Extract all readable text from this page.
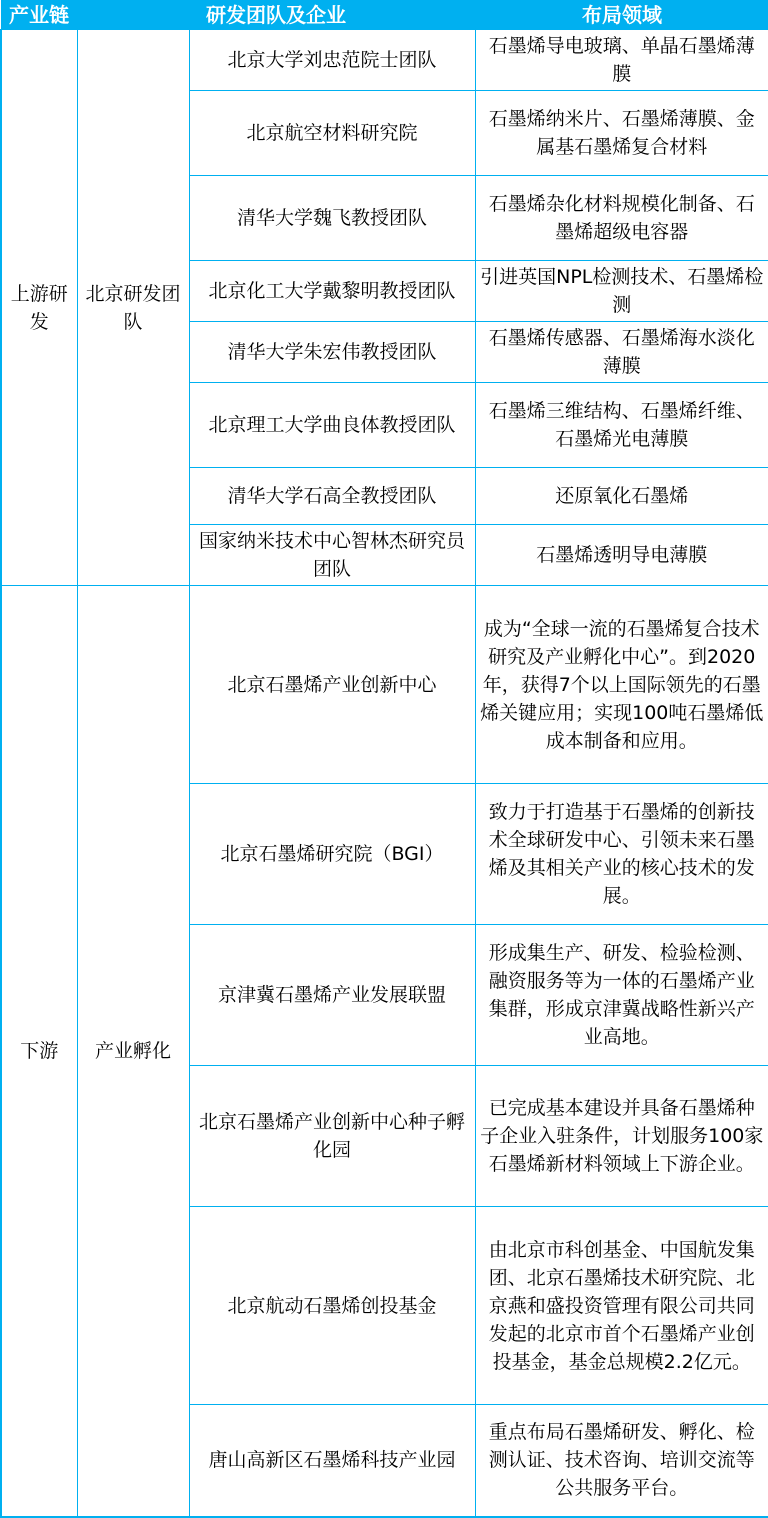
产业链	研发团队及企业		布局领域
上游研发	北京研发团队	北京大学刘忠范院士团队	石墨烯导电玻璃、单晶石墨烯薄膜
		北京航空材料研究院	石墨烯纳米片、石墨烯薄膜、金属基石墨烯复合材料
		清华大学魏飞教授团队	石墨烯杂化材料规模化制备、石墨烯超级电容器
		北京化工大学戴黎明教授团队	引进英国NPL检测技术、石墨烯检测
		清华大学朱宏伟教授团队	石墨烯传感器、石墨烯海水淡化薄膜
		北京理工大学曲良体教授团队	石墨烯三维结构、石墨烯纤维、石墨烯光电薄膜
		清华大学石高全教授团队	还原氧化石墨烯
		国家纳米技术中心智林杰研究员团队	石墨烯透明导电薄膜
下游	产业孵化	北京石墨烯产业创新中心	成为“全球一流的石墨烯复合技术研究及产业孵化中心”。到2020年，获得7个以上国际领先的石墨烯关键应用；实现100吨石墨烯低成本制备和应用。
		北京石墨烯研究院（BGI）	致力于打造基于石墨烯的创新技术全球研发中心、引领未来石墨烯及其相关产业的核心技术的发展。
		京津冀石墨烯产业发展联盟	形成集生产、研发、检验检测、融资服务等为一体的石墨烯产业集群，形成京津冀战略性新兴产业高地。
		北京石墨烯产业创新中心种子孵化园	已完成基本建设并具备石墨烯种子企业入驻条件，计划服务100家石墨烯新材料领域上下游企业。
		北京航动石墨烯创投基金	由北京市科创基金、中国航发集团、北京石墨烯技术研究院、北京燕和盛投资管理有限公司共同发起的北京市首个石墨烯产业创投基金，基金总规模2.2亿元。
		唐山高新区石墨烯科技产业园	重点布局石墨烯研发、孵化、检测认证、技术咨询、培训交流等公共服务平台。
